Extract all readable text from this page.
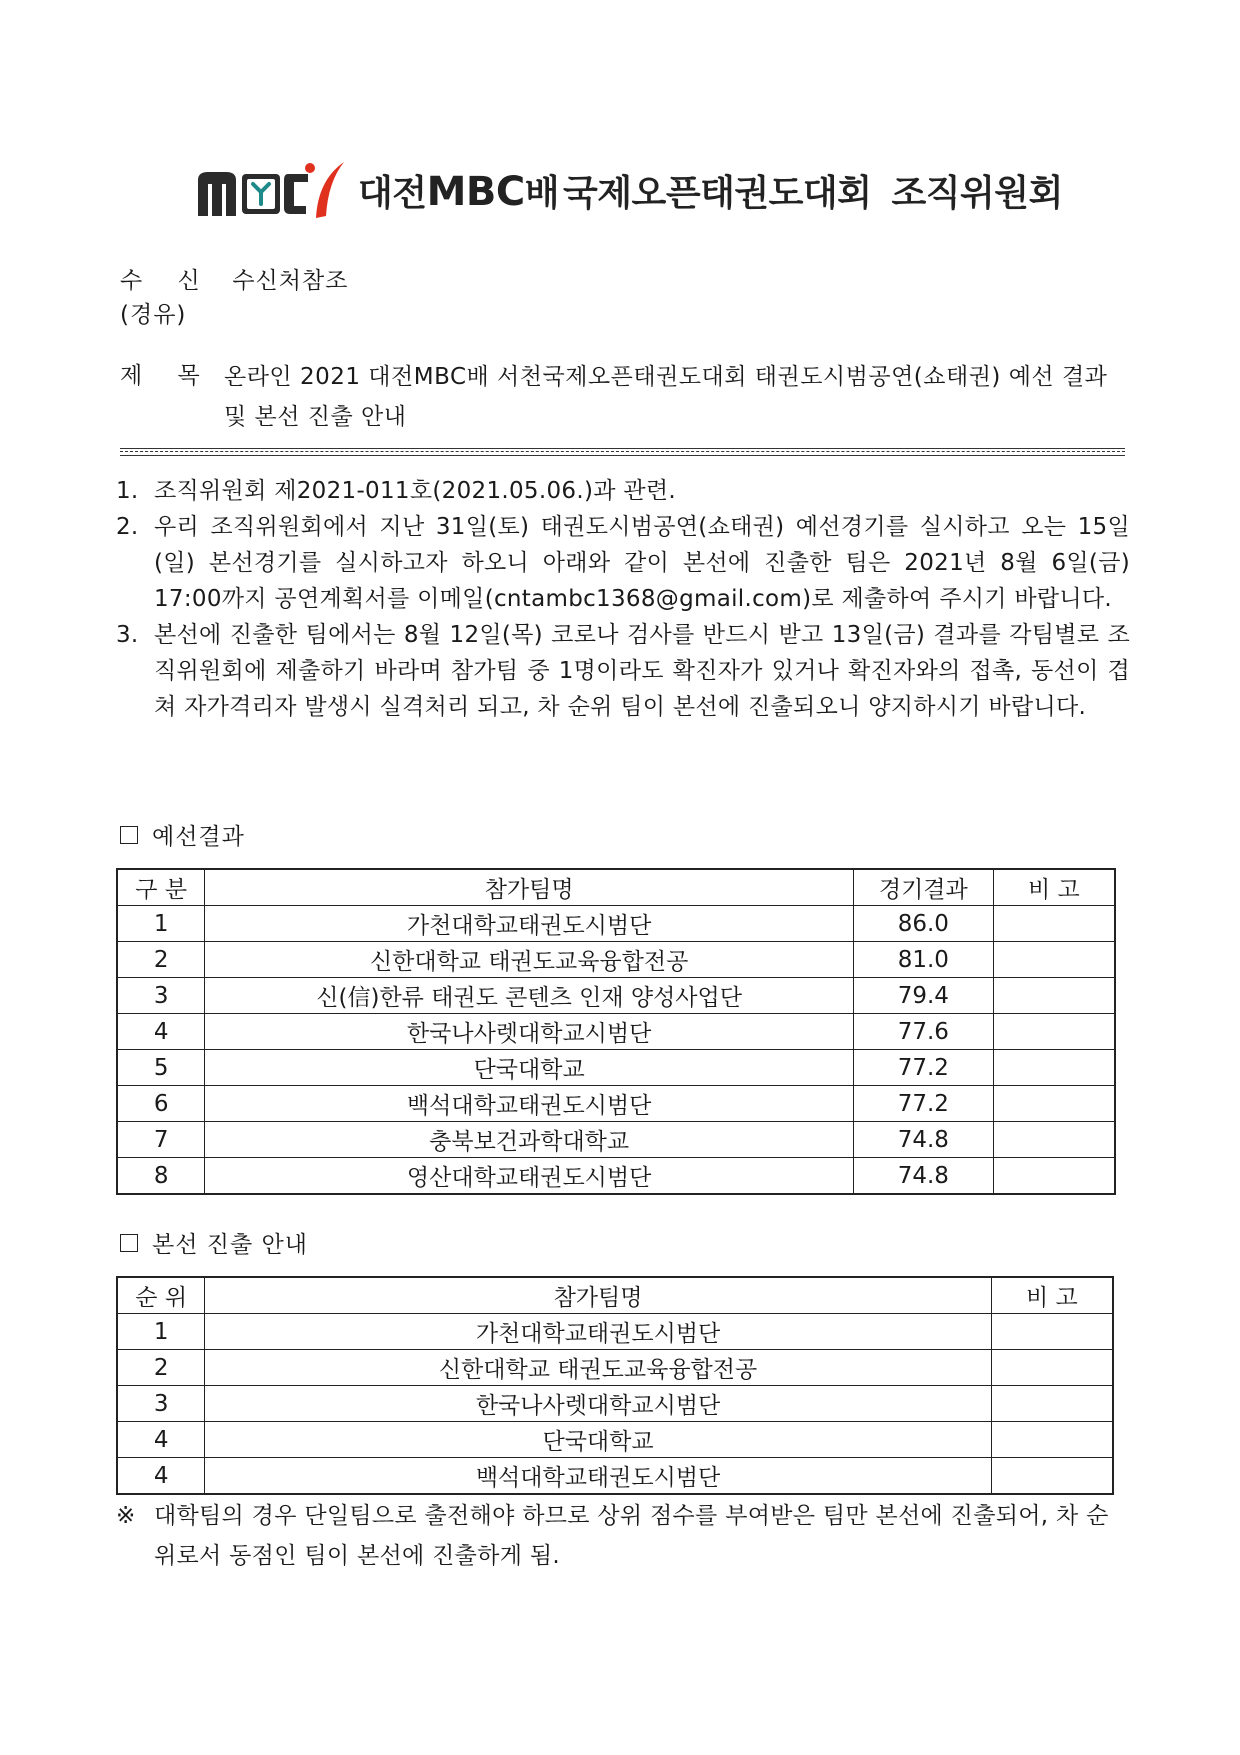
대전 MBC 배 국제오픈태권도대회 조직위원회
수 신 수신처참조
(경유)
제 목 온라인 2021 대전MBC배 서천국제오픈태권도대회 태권도시범공연(쇼태권) 예선 결과 및 본선 진출 안내
1. 조직위원회 제2021-011호(2021.05.06.)과 관련.
2. 우리 조직위원회에서 지난 31일(토) 태권도시범공연(쇼태권) 예선경기를 실시하고 오는 15일(일) 본선경기를 실시하고자 하오니 아래와 같이 본선에 진출한 팀은 2021년 8월 6일(금) 17:00까지 공연계획서를 이메일(cntambc1368@gmail.com)로 제출하여 주시기 바랍니다.
3. 본선에 진출한 팀에서는 8월 12일(목) 코로나 검사를 반드시 받고 13일(금) 결과를 각팀별로 조직위원회에 제출하기 바라며 참가팀 중 1명이라도 확진자가 있거나 확진자와의 접촉, 동선이 겹쳐 자가격리자 발생시 실격처리 되고, 차 순위 팀이 본선에 진출되오니 양지하시기 바랍니다.
예선결과
구 분	참가팀명	경기결과	비 고
1	가천대학교태권도시범단	86.0	
2	신한대학교 태권도교육융합전공	81.0	
3	신(信)한류 태권도 콘텐츠 인재 양성사업단	79.4	
4	한국나사렛대학교시범단	77.6	
5	단국대학교	77.2	
6	백석대학교태권도시범단	77.2	
7	충북보건과학대학교	74.8	
8	영산대학교태권도시범단	74.8	
본선 진출 안내
순 위	참가팀명	비 고
1	가천대학교태권도시범단	
2	신한대학교 태권도교육융합전공	
3	한국나사렛대학교시범단	
4	단국대학교	
4	백석대학교태권도시범단	
※ 대학팀의 경우 단일팀으로 출전해야 하므로 상위 점수를 부여받은 팀만 본선에 진출되어, 차 순위로서 동점인 팀이 본선에 진출하게 됨.
